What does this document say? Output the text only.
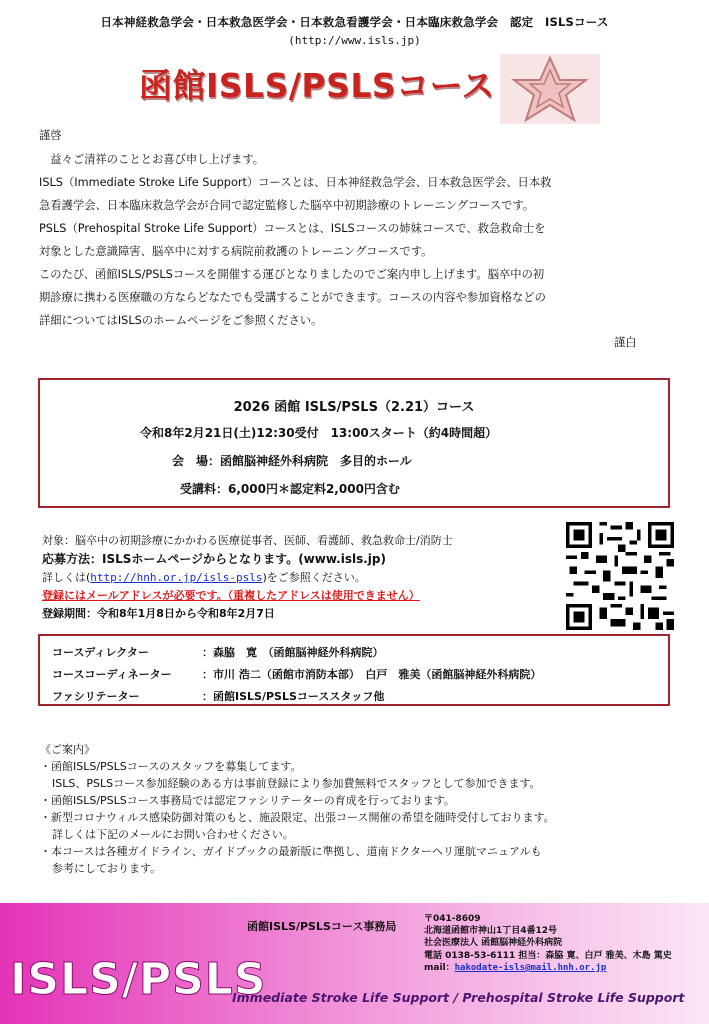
日本神経救急学会・日本救急医学会・日本救急看護学会・日本臨床救急学会　認定　ISLSコース
(http://www.isls.jp)
函館ISLS/PSLSコース
謹啓
　益々ご清祥のこととお喜び申し上げます。
ISLS（Immediate Stroke Life Support）コースとは、日本神経救急学会、日本救急医学会、日本救
急看護学会、日本臨床救急学会が合同で認定監修した脳卒中初期診療のトレーニングコースです。
PSLS（Prehospital Stroke Life Support）コースとは、ISLSコースの姉妹コースで、救急救命士を
対象とした意識障害、脳卒中に対する病院前救護のトレーニングコースです。
このたび、函館ISLS/PSLSコースを開催する運びとなりましたのでご案内申し上げます。脳卒中の初
期診療に携わる医療職の方ならどなたでも受講することができます。コースの内容や参加資格などの
詳細についてはISLSのホームページをご参照ください。
謹白
2026 函館 ISLS/PSLS（2.21）コース
令和8年2月21日(土)12:30受付　13:00スタート（約4時間超）
会　場：函館脳神経外科病院　多目的ホール
受講料：6,000円＊認定料2,000円含む
対象：脳卒中の初期診療にかかわる医療従事者、医師、看護師、救急救命士/消防士
応募方法：ISLSホームページからとなります。(www.isls.jp)
詳しくは(http://hnh.or.jp/isls-psls)をご参照ください。
登録にはメールアドレスが必要です。（重複したアドレスは使用できません）
登録期間：令和8年1月8日から令和8年2月7日
コースディレクター	：森脇　寛　（函館脳神経外科病院）
コースコーディネーター	：市川 浩二（函館市消防本部）　白戸　雅美（函館脳神経外科病院）
ファシリテーター	：函館ISLS/PSLSコーススタッフ他
《ご案内》
・函館ISLS/PSLSコースのスタッフを募集してます。
ISLS、PSLSコース参加経験のある方は事前登録により参加費無料でスタッフとして参加できます。
・函館ISLS/PSLSコース事務局では認定ファシリテーターの育成を行っております。
・新型コロナウィルス感染防御対策のもと、施設限定、出張コース開催の希望を随時受付しております。
詳しくは下記のメールにお問い合わせください。
・本コースは各種ガイドライン、ガイドブックの最新版に準拠し、道南ドクターヘリ運航マニュアルも
参考にしております。
ISLS/PSLS
函館ISLS/PSLSコース事務局
〒041-8609
北海道函館市神山1丁目4番12号
社会医療法人 函館脳神経外科病院
電話 0138-53-6111 担当：森脇 寛、白戸 雅美、木島 篤史
mail：hakodate-isls@mail.hnh.or.jp
Immediate Stroke Life Support / Prehospital Stroke Life Support
